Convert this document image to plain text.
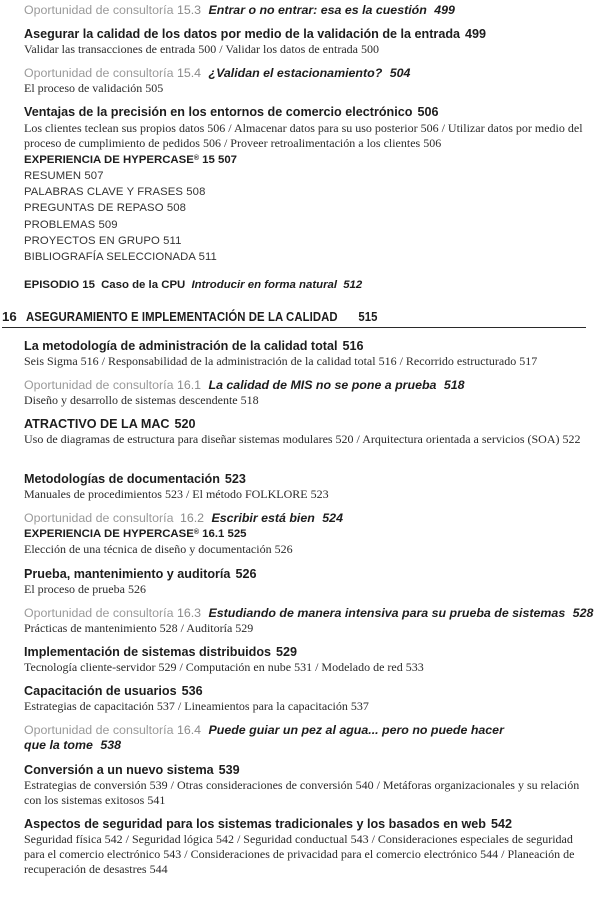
Oportunidad de consultoría 15.3 Entrar o no entrar: esa es la cuestión 499
Asegurar la calidad de los datos por medio de la validación de la entrada 499
Validar las transacciones de entrada 500 / Validar los datos de entrada 500
Oportunidad de consultoría 15.4 ¿Validan el estacionamiento? 504
El proceso de validación 505
Ventajas de la precisión en los entornos de comercio electrónico 506
Los clientes teclean sus propios datos 506 / Almacenar datos para su uso posterior 506 / Utilizar datos por medio del proceso de cumplimiento de pedidos 506 / Proveer retroalimentación a los clientes 506
EXPERIENCIA DE HYPERCASE® 15 507
RESUMEN 507
PALABRAS CLAVE Y FRASES 508
PREGUNTAS DE REPASO 508
PROBLEMAS 509
PROYECTOS EN GRUPO 511
BIBLIOGRAFÍA SELECCIONADA 511
EPISODIO 15 Caso de la CPU Introducir en forma natural 512
16 ASEGURAMIENTO E IMPLEMENTACIÓN DE LA CALIDAD 515
La metodología de administración de la calidad total 516
Seis Sigma 516 / Responsabilidad de la administración de la calidad total 516 / Recorrido estructurado 517
Oportunidad de consultoría 16.1 La calidad de MIS no se pone a prueba 518
Diseño y desarrollo de sistemas descendente 518
ATRACTIVO DE LA MAC 520
Uso de diagramas de estructura para diseñar sistemas modulares 520 / Arquitectura orientada a servicios (SOA) 522
Metodologías de documentación 523
Manuales de procedimientos 523 / El método FOLKLORE 523
Oportunidad de consultoría 16.2 Escribir está bien 524
EXPERIENCIA DE HYPERCASE® 16.1 525
Elección de una técnica de diseño y documentación 526
Prueba, mantenimiento y auditoría 526
El proceso de prueba 526
Oportunidad de consultoría 16.3 Estudiando de manera intensiva para su prueba de sistemas 528
Prácticas de mantenimiento 528 / Auditoría 529
Implementación de sistemas distribuidos 529
Tecnología cliente-servidor 529 / Computación en nube 531 / Modelado de red 533
Capacitación de usuarios 536
Estrategias de capacitación 537 / Lineamientos para la capacitación 537
Oportunidad de consultoría 16.4 Puede guiar un pez al agua... pero no puede hacer
que la tome 538
Conversión a un nuevo sistema 539
Estrategias de conversión 539 / Otras consideraciones de conversión 540 / Metáforas organizacionales y su relación con los sistemas exitosos 541
Aspectos de seguridad para los sistemas tradicionales y los basados en web 542
Seguridad física 542 / Seguridad lógica 542 / Seguridad conductual 543 / Consideraciones especiales de seguridad para el comercio electrónico 543 / Consideraciones de privacidad para el comercio electrónico 544 / Planeación de recuperación de desastres 544
